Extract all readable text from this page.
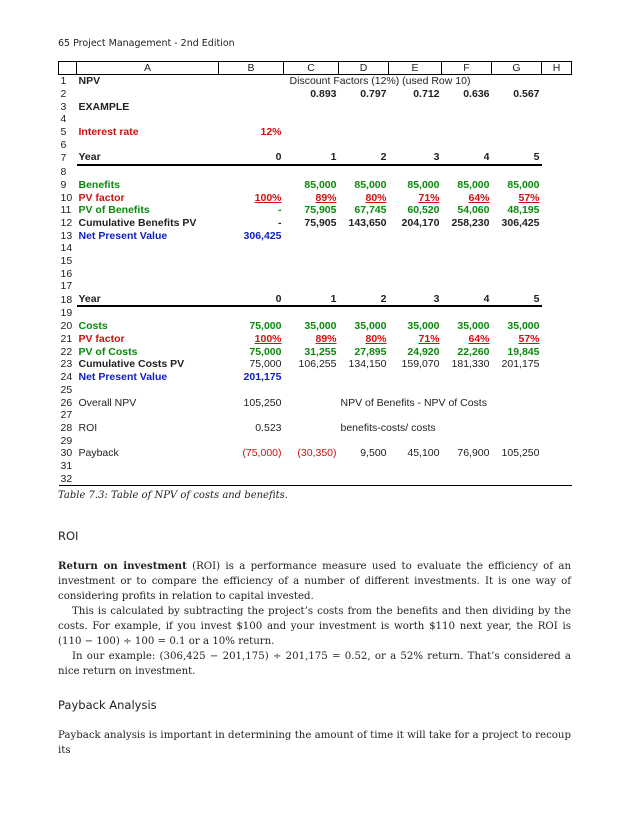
65 Project Management - 2nd Edition
	A	B	C	D	E	F	G	H
1	NPV	Discount Factors (12%) (used Row 10)						
2			0.893	0.797	0.712	0.636	0.567	
3	EXAMPLE							
4								
5	Interest rate	12%						
6								
7	Year	0	1	2	3	4	5	
8								
9	Benefits		85,000	85,000	85,000	85,000	85,000	
10	PV factor	100%	89%	80%	71%	64%	57%	
11	PV of Benefits	-	75,905	67,745	60,520	54,060	48,195	
12	Cumulative Benefits PV	-	75,905	143,650	204,170	258,230	306,425	
13	Net Present Value	306,425						
14								
15								
16								
17								
18	Year	0	1	2	3	4	5	
19								
20	Costs	75,000	35,000	35,000	35,000	35,000	35,000	
21	PV factor	100%	89%	80%	71%	64%	57%	
22	PV of Costs	75,000	31,255	27,895	24,920	22,260	19,845	
23	Cumulative Costs PV	75,000	106,255	134,150	159,070	181,330	201,175	
24	Net Present Value	201,175						
25								
26	Overall NPV	105,250		NPV of Benefits - NPV of Costs				
27								
28	ROI	0.523		benefits-costs/ costs				
29								
30	Payback	(75,000)	(30,350)	9,500	45,100	76,900	105,250	
31								
32								
Table 7.3: Table of NPV of costs and benefits.
ROI

Return on investment (ROI) is a performance measure used to evaluate the efficiency of an investment or to compare the efficiency of a number of different investments. It is one way of considering profits in relation to capital invested.

This is calculated by subtracting the project’s costs from the benefits and then dividing by the costs. For example, if you invest $100 and your investment is worth $110 next year, the ROI is (110 − 100) ÷ 100 = 0.1 or a 10% return.

In our example: (306,425 − 201,175) ÷ 201,175 = 0.52, or a 52% return. That’s considered a nice return on investment.

Payback Analysis

Payback analysis is important in determining the amount of time it will take for a project to recoup its
